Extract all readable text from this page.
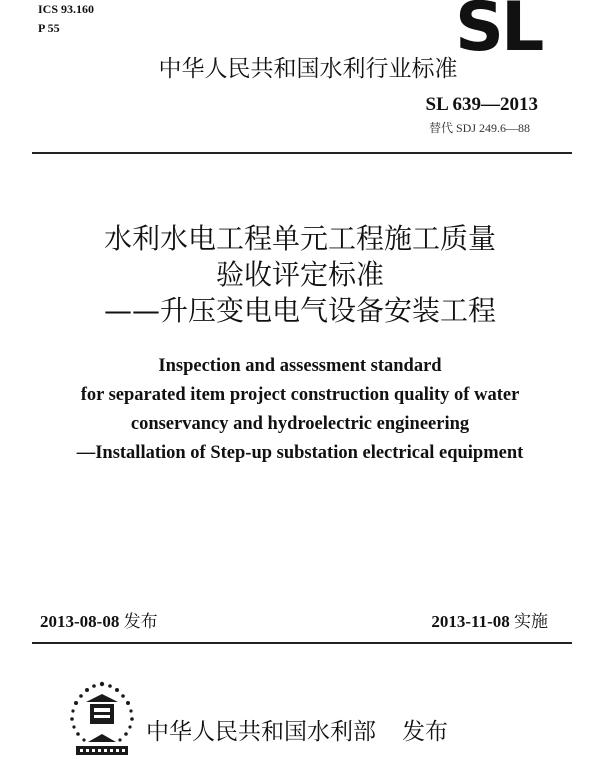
ICS 93.160
P 55	SL
中华人民共和国水利行业标准
SL 639—2013
替代 SDJ 249.6—88
水利水电工程单元工程施工质量
验收评定标准
——升压变电电气设备安装工程
Inspection and assessment standard
for separated item project construction quality of water
conservancy and hydroelectric engineering
—Installation of Step-up substation electrical equipment
2013-08-08 发布	2013-11-08 实施
中华人民共和国水利部 发布
